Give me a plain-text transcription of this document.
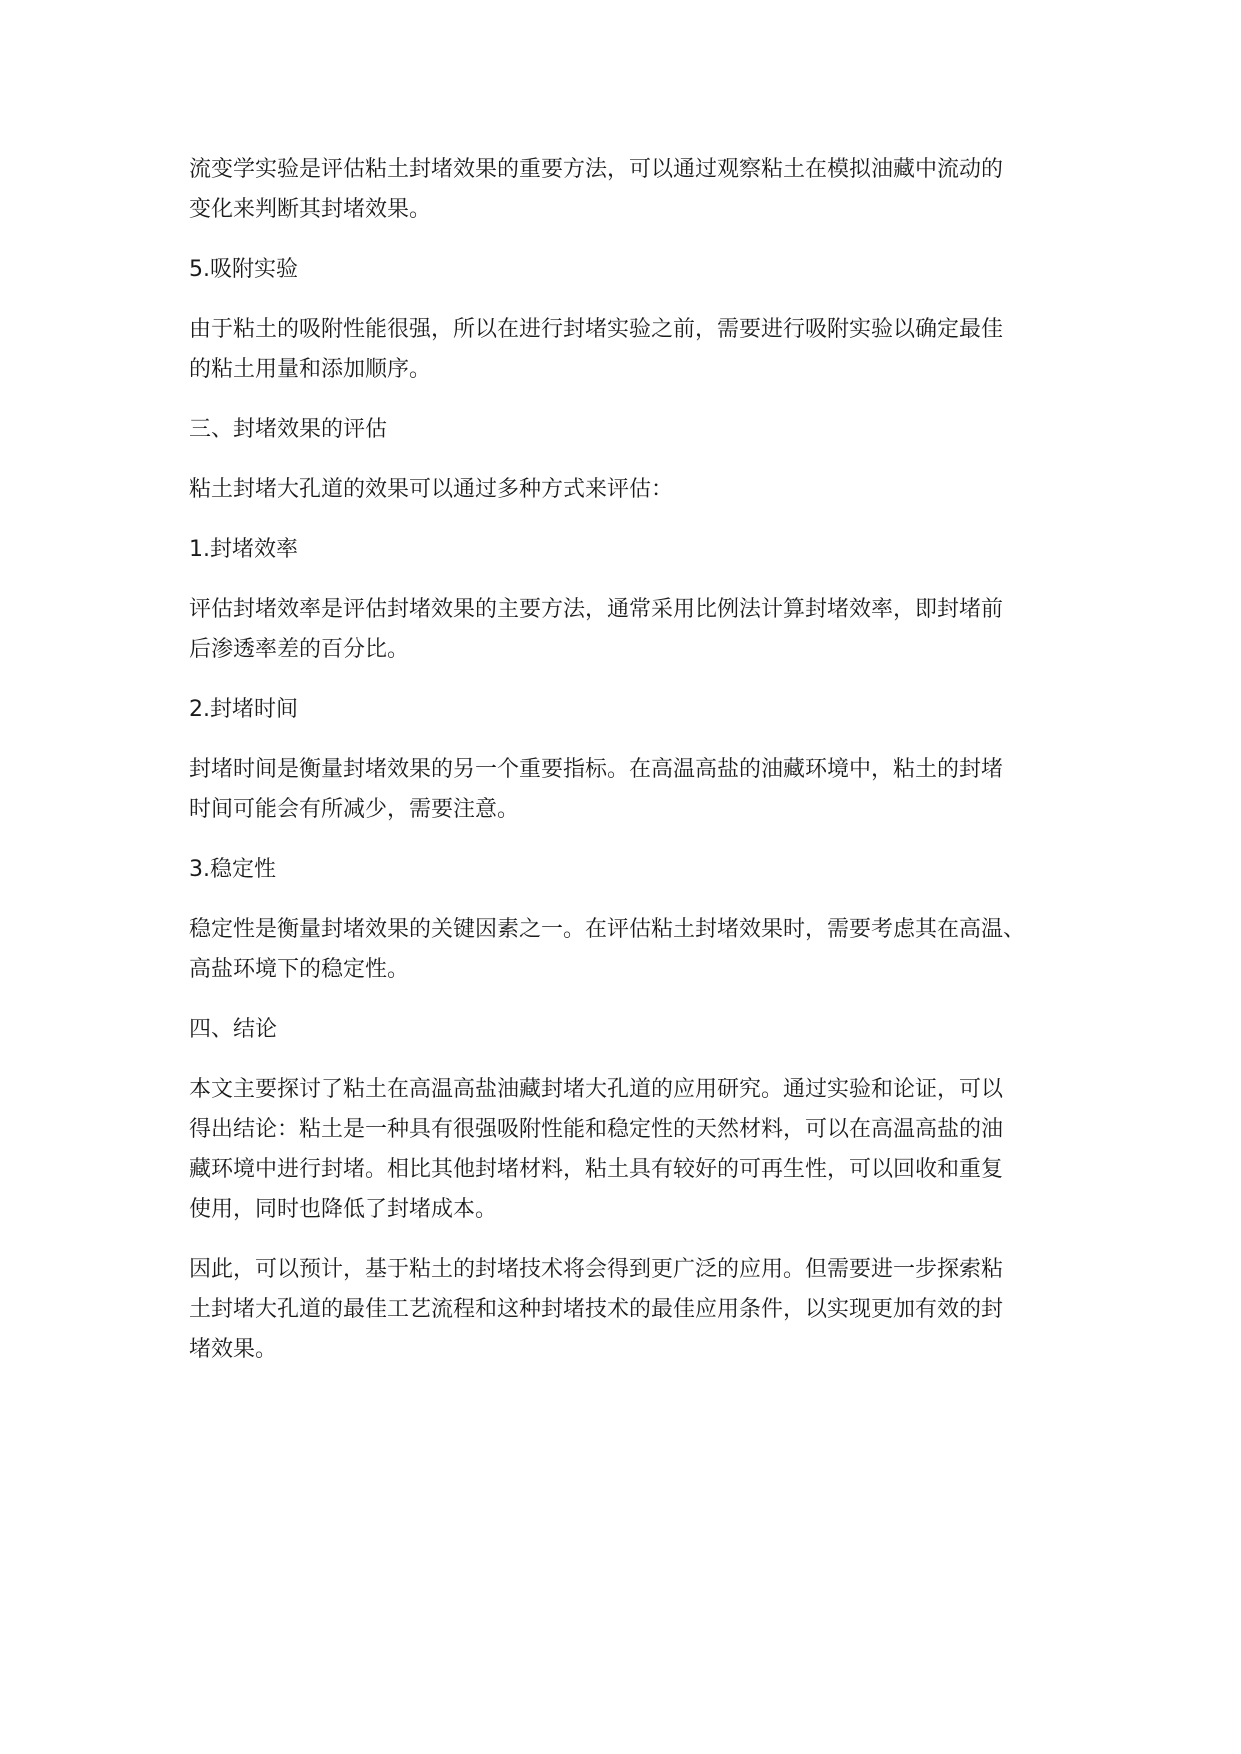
流变学实验是评估粘土封堵效果的重要方法，可以通过观察粘土在模拟油藏中流动的
变化来判断其封堵效果。

5.吸附实验

由于粘土的吸附性能很强，所以在进行封堵实验之前，需要进行吸附实验以确定最佳
的粘土用量和添加顺序。

三、封堵效果的评估

粘土封堵大孔道的效果可以通过多种方式来评估：

1.封堵效率

评估封堵效率是评估封堵效果的主要方法，通常采用比例法计算封堵效率，即封堵前
后渗透率差的百分比。

2.封堵时间

封堵时间是衡量封堵效果的另一个重要指标。在高温高盐的油藏环境中，粘土的封堵
时间可能会有所减少，需要注意。

3.稳定性

稳定性是衡量封堵效果的关键因素之一。在评估粘土封堵效果时，需要考虑其在高温、
高盐环境下的稳定性。

四、结论

本文主要探讨了粘土在高温高盐油藏封堵大孔道的应用研究。通过实验和论证，可以
得出结论：粘土是一种具有很强吸附性能和稳定性的天然材料，可以在高温高盐的油
藏环境中进行封堵。相比其他封堵材料，粘土具有较好的可再生性，可以回收和重复
使用，同时也降低了封堵成本。

因此，可以预计，基于粘土的封堵技术将会得到更广泛的应用。但需要进一步探索粘
土封堵大孔道的最佳工艺流程和这种封堵技术的最佳应用条件，以实现更加有效的封
堵效果。
